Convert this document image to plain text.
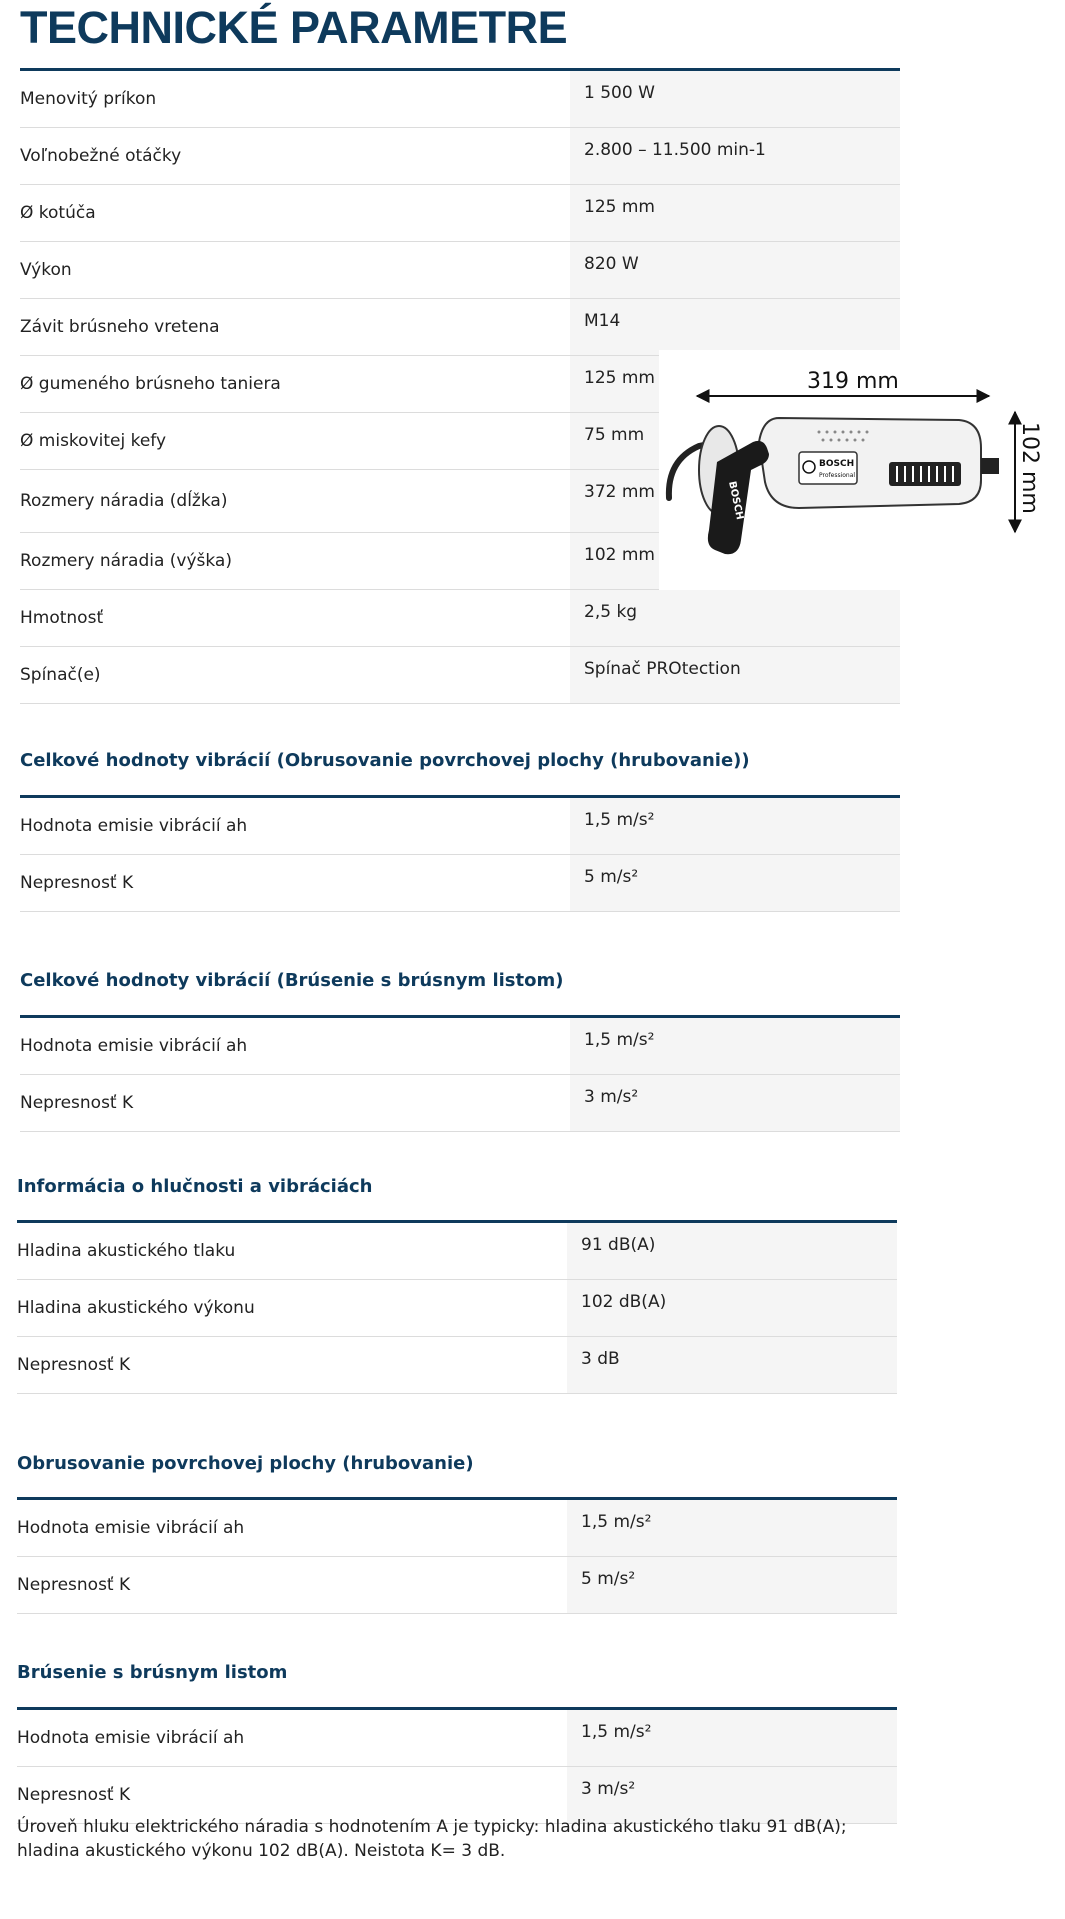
TECHNICKÉ PARAMETRE
Menovitý príkon	1 500 W
Voľnobežné otáčky	2.800 – 11.500 min-1
Ø kotúča	125 mm
Výkon	820 W
Závit brúsneho vretena	M14
Ø gumeného brúsneho taniera	125 mm
Ø miskovitej kefy	75 mm
Rozmery náradia (dĺžka)	372 mm
Rozmery náradia (výška)	102 mm
Hmotnosť	2,5 kg
Spínač(e)	Spínač PROtection
319 mm
102 mm
BOSCH
Professional
BOSCH
Celkové hodnoty vibrácií (Obrusovanie povrchovej plochy (hrubovanie))
Hodnota emisie vibrácií ah	1,5 m/s²
Nepresnosť K	5 m/s²
Celkové hodnoty vibrácií (Brúsenie s brúsnym listom)
Hodnota emisie vibrácií ah	1,5 m/s²
Nepresnosť K	3 m/s²
Informácia o hlučnosti a vibráciách
Hladina akustického tlaku	91 dB(A)
Hladina akustického výkonu	102 dB(A)
Nepresnosť K	3 dB
Obrusovanie povrchovej plochy (hrubovanie)
Hodnota emisie vibrácií ah	1,5 m/s²
Nepresnosť K	5 m/s²
Brúsenie s brúsnym listom
Hodnota emisie vibrácií ah	1,5 m/s²
Nepresnosť K	3 m/s²

Úroveň hluku elektrického náradia s hodnotením A je typicky: hladina akustického tlaku 91 dB(A); hladina akustického výkonu 102 dB(A). Neistota K= 3 dB.
